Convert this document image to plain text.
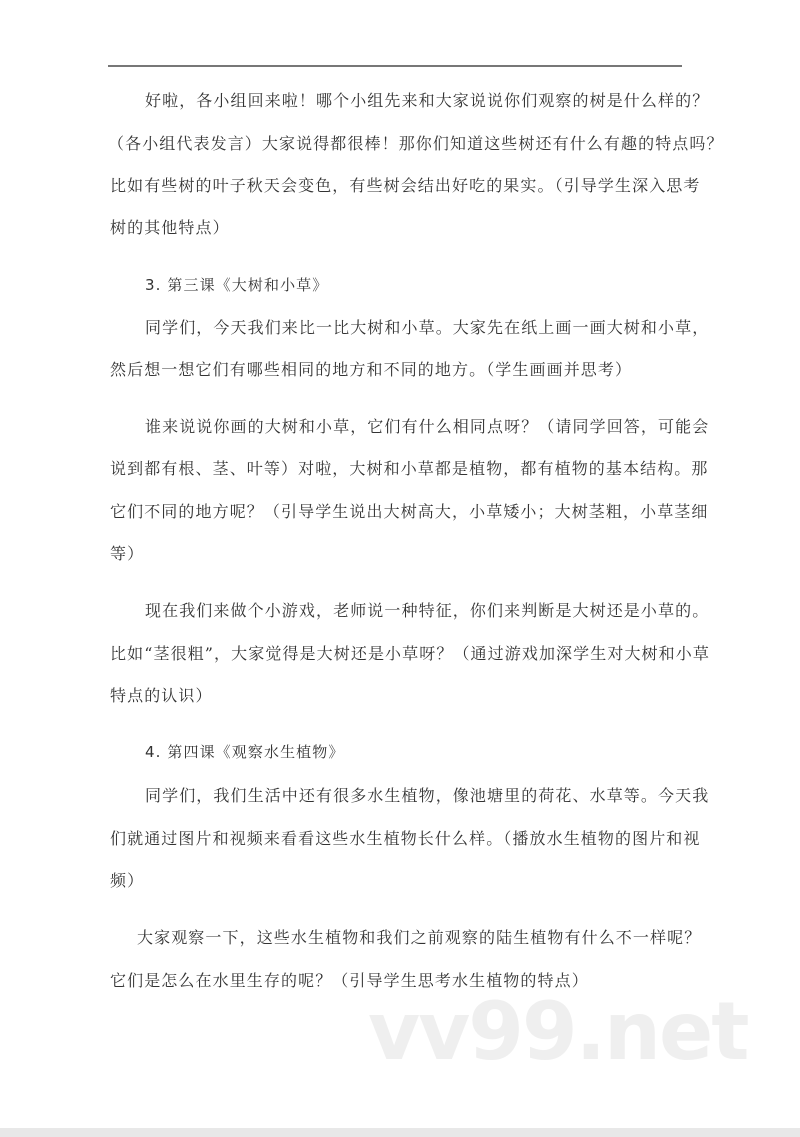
好啦，各小组回来啦！哪个小组先来和大家说说你们观察的树是什么样的？
（各小组代表发言）大家说得都很棒！那你们知道这些树还有什么有趣的特点吗？
比如有些树的叶子秋天会变色，有些树会结出好吃的果实。（引导学生深入思考
树的其他特点）
3. 第三课《大树和小草》
同学们，今天我们来比一比大树和小草。大家先在纸上画一画大树和小草，
然后想一想它们有哪些相同的地方和不同的地方。（学生画画并思考）
谁来说说你画的大树和小草，它们有什么相同点呀？（请同学回答，可能会
说到都有根、茎、叶等）对啦，大树和小草都是植物，都有植物的基本结构。那
它们不同的地方呢？（引导学生说出大树高大，小草矮小；大树茎粗，小草茎细
等）
现在我们来做个小游戏，老师说一种特征，你们来判断是大树还是小草的。
比如“茎很粗”，大家觉得是大树还是小草呀？（通过游戏加深学生对大树和小草
特点的认识）
4. 第四课《观察水生植物》
同学们，我们生活中还有很多水生植物，像池塘里的荷花、水草等。今天我
们就通过图片和视频来看看这些水生植物长什么样。（播放水生植物的图片和视
频）
大家观察一下，这些水生植物和我们之前观察的陆生植物有什么不一样呢？
它们是怎么在水里生存的呢？（引导学生思考水生植物的特点）
vv99.net
